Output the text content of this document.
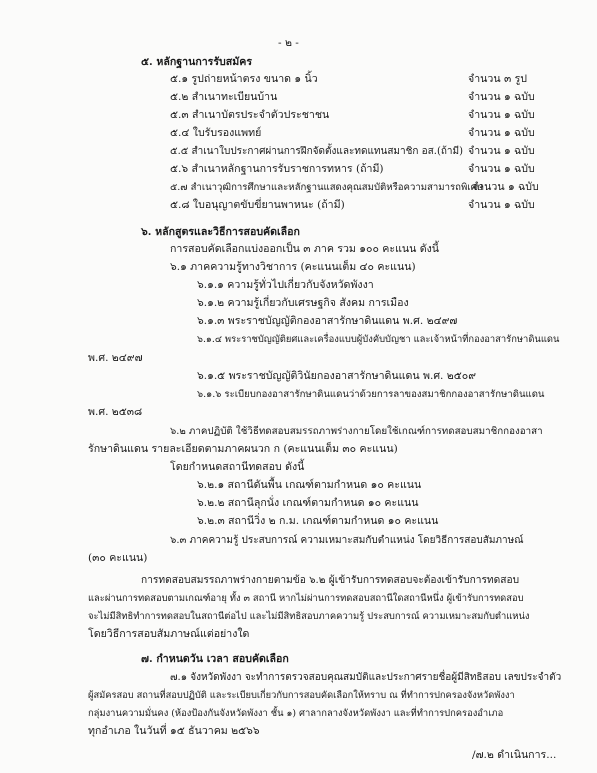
- ๒ -
๕. หลักฐานการรับสมัคร
๕.๑ รูปถ่ายหน้าตรง ขนาด ๑ นิ้ว	จำนวน ๓ รูป
๕.๒ สำเนาทะเบียนบ้าน	จำนวน ๑ ฉบับ
๕.๓ สำเนาบัตรประจำตัวประชาชน	จำนวน ๑ ฉบับ
๕.๔ ใบรับรองแพทย์	จำนวน ๑ ฉบับ
๕.๕ สำเนาใบประกาศผ่านการฝึกจัดตั้งและทดแทนสมาชิก อส.(ถ้ามี) จำนวน ๑ ฉบับ
๕.๖ สำเนาหลักฐานการรับราชการทหาร (ถ้ามี)	จำนวน ๑ ฉบับ
๕.๗ สำเนาวุฒิการศึกษาและหลักฐานแสดงคุณสมบัติหรือความสามารถพิเศษ
จำนวน ๑ ฉบับ
๕.๘ ใบอนุญาตขับขี่ยานพาหนะ (ถ้ามี)	จำนวน ๑ ฉบับ
๖. หลักสูตรและวิธีการสอบคัดเลือก
การสอบคัดเลือกแบ่งออกเป็น ๓ ภาค รวม ๑๐๐ คะแนน ดังนี้
๖.๑ ภาคความรู้ทางวิชาการ (คะแนนเต็ม ๔๐ คะแนน)
๖.๑.๑ ความรู้ทั่วไปเกี่ยวกับจังหวัดพังงา
๖.๑.๒ ความรู้เกี่ยวกับเศรษฐกิจ สังคม การเมือง
๖.๑.๓ พระราชบัญญัติกองอาสารักษาดินแดน พ.ศ. ๒๔๙๗
๖.๑.๔ พระราชบัญญัติยศและเครื่องแบบผู้บังคับบัญชา และเจ้าหน้าที่กองอาสารักษาดินแดน
พ.ศ. ๒๔๙๗
๖.๑.๕ พระราชบัญญัติวินัยกองอาสารักษาดินแดน พ.ศ. ๒๕๐๙
๖.๑.๖ ระเบียบกองอาสารักษาดินแดนว่าด้วยการลาของสมาชิกกองอาสารักษาดินแดน
พ.ศ. ๒๕๓๘
๖.๒ ภาคปฏิบัติ ใช้วิธีทดสอบสมรรถภาพร่างกายโดยใช้เกณฑ์การทดสอบสมาชิกกองอาสา
รักษาดินแดน รายละเอียดตามภาคผนวก ก (คะแนนเต็ม ๓๐ คะแนน)
โดยกำหนดสถานีทดสอบ ดังนี้
๖.๒.๑ สถานีดันพื้น เกณฑ์ตามกำหนด ๑๐ คะแนน
๖.๒.๒ สถานีลุกนั่ง เกณฑ์ตามกำหนด ๑๐ คะแนน
๖.๒.๓ สถานีวิ่ง ๒ ก.ม. เกณฑ์ตามกำหนด ๑๐ คะแนน
๖.๓ ภาคความรู้ ประสบการณ์ ความเหมาะสมกับตำแหน่ง โดยวิธีการสอบสัมภาษณ์
(๓๐ คะแนน)
การทดสอบสมรรถภาพร่างกายตามข้อ ๖.๒ ผู้เข้ารับการทดสอบจะต้องเข้ารับการทดสอบ
และผ่านการทดสอบตามเกณฑ์อายุ ทั้ง ๓ สถานี หากไม่ผ่านการทดสอบสถานีใดสถานีหนึ่ง ผู้เข้ารับการทดสอบ
จะไม่มีสิทธิทำการทดสอบในสถานีต่อไป และไม่มีสิทธิสอบภาคความรู้ ประสบการณ์ ความเหมาะสมกับตำแหน่ง
โดยวิธีการสอบสัมภาษณ์แต่อย่างใด
๗. กำหนดวัน เวลา สอบคัดเลือก
๗.๑ จังหวัดพังงา จะทำการตรวจสอบคุณสมบัติและประกาศรายชื่อผู้มีสิทธิสอบ เลขประจำตัว
ผู้สมัครสอบ สถานที่สอบปฏิบัติ และระเบียบเกี่ยวกับการสอบคัดเลือกให้ทราบ ณ ที่ทำการปกครองจังหวัดพังงา
กลุ่มงานความมั่นคง (ห้องป้องกันจังหวัดพังงา ชั้น ๑) ศาลากลางจังหวัดพังงา และที่ทำการปกครองอำเภอ
ทุกอำเภอ ในวันที่ ๑๕ ธันวาคม ๒๕๖๖
/๗.๒ ดำเนินการ...
